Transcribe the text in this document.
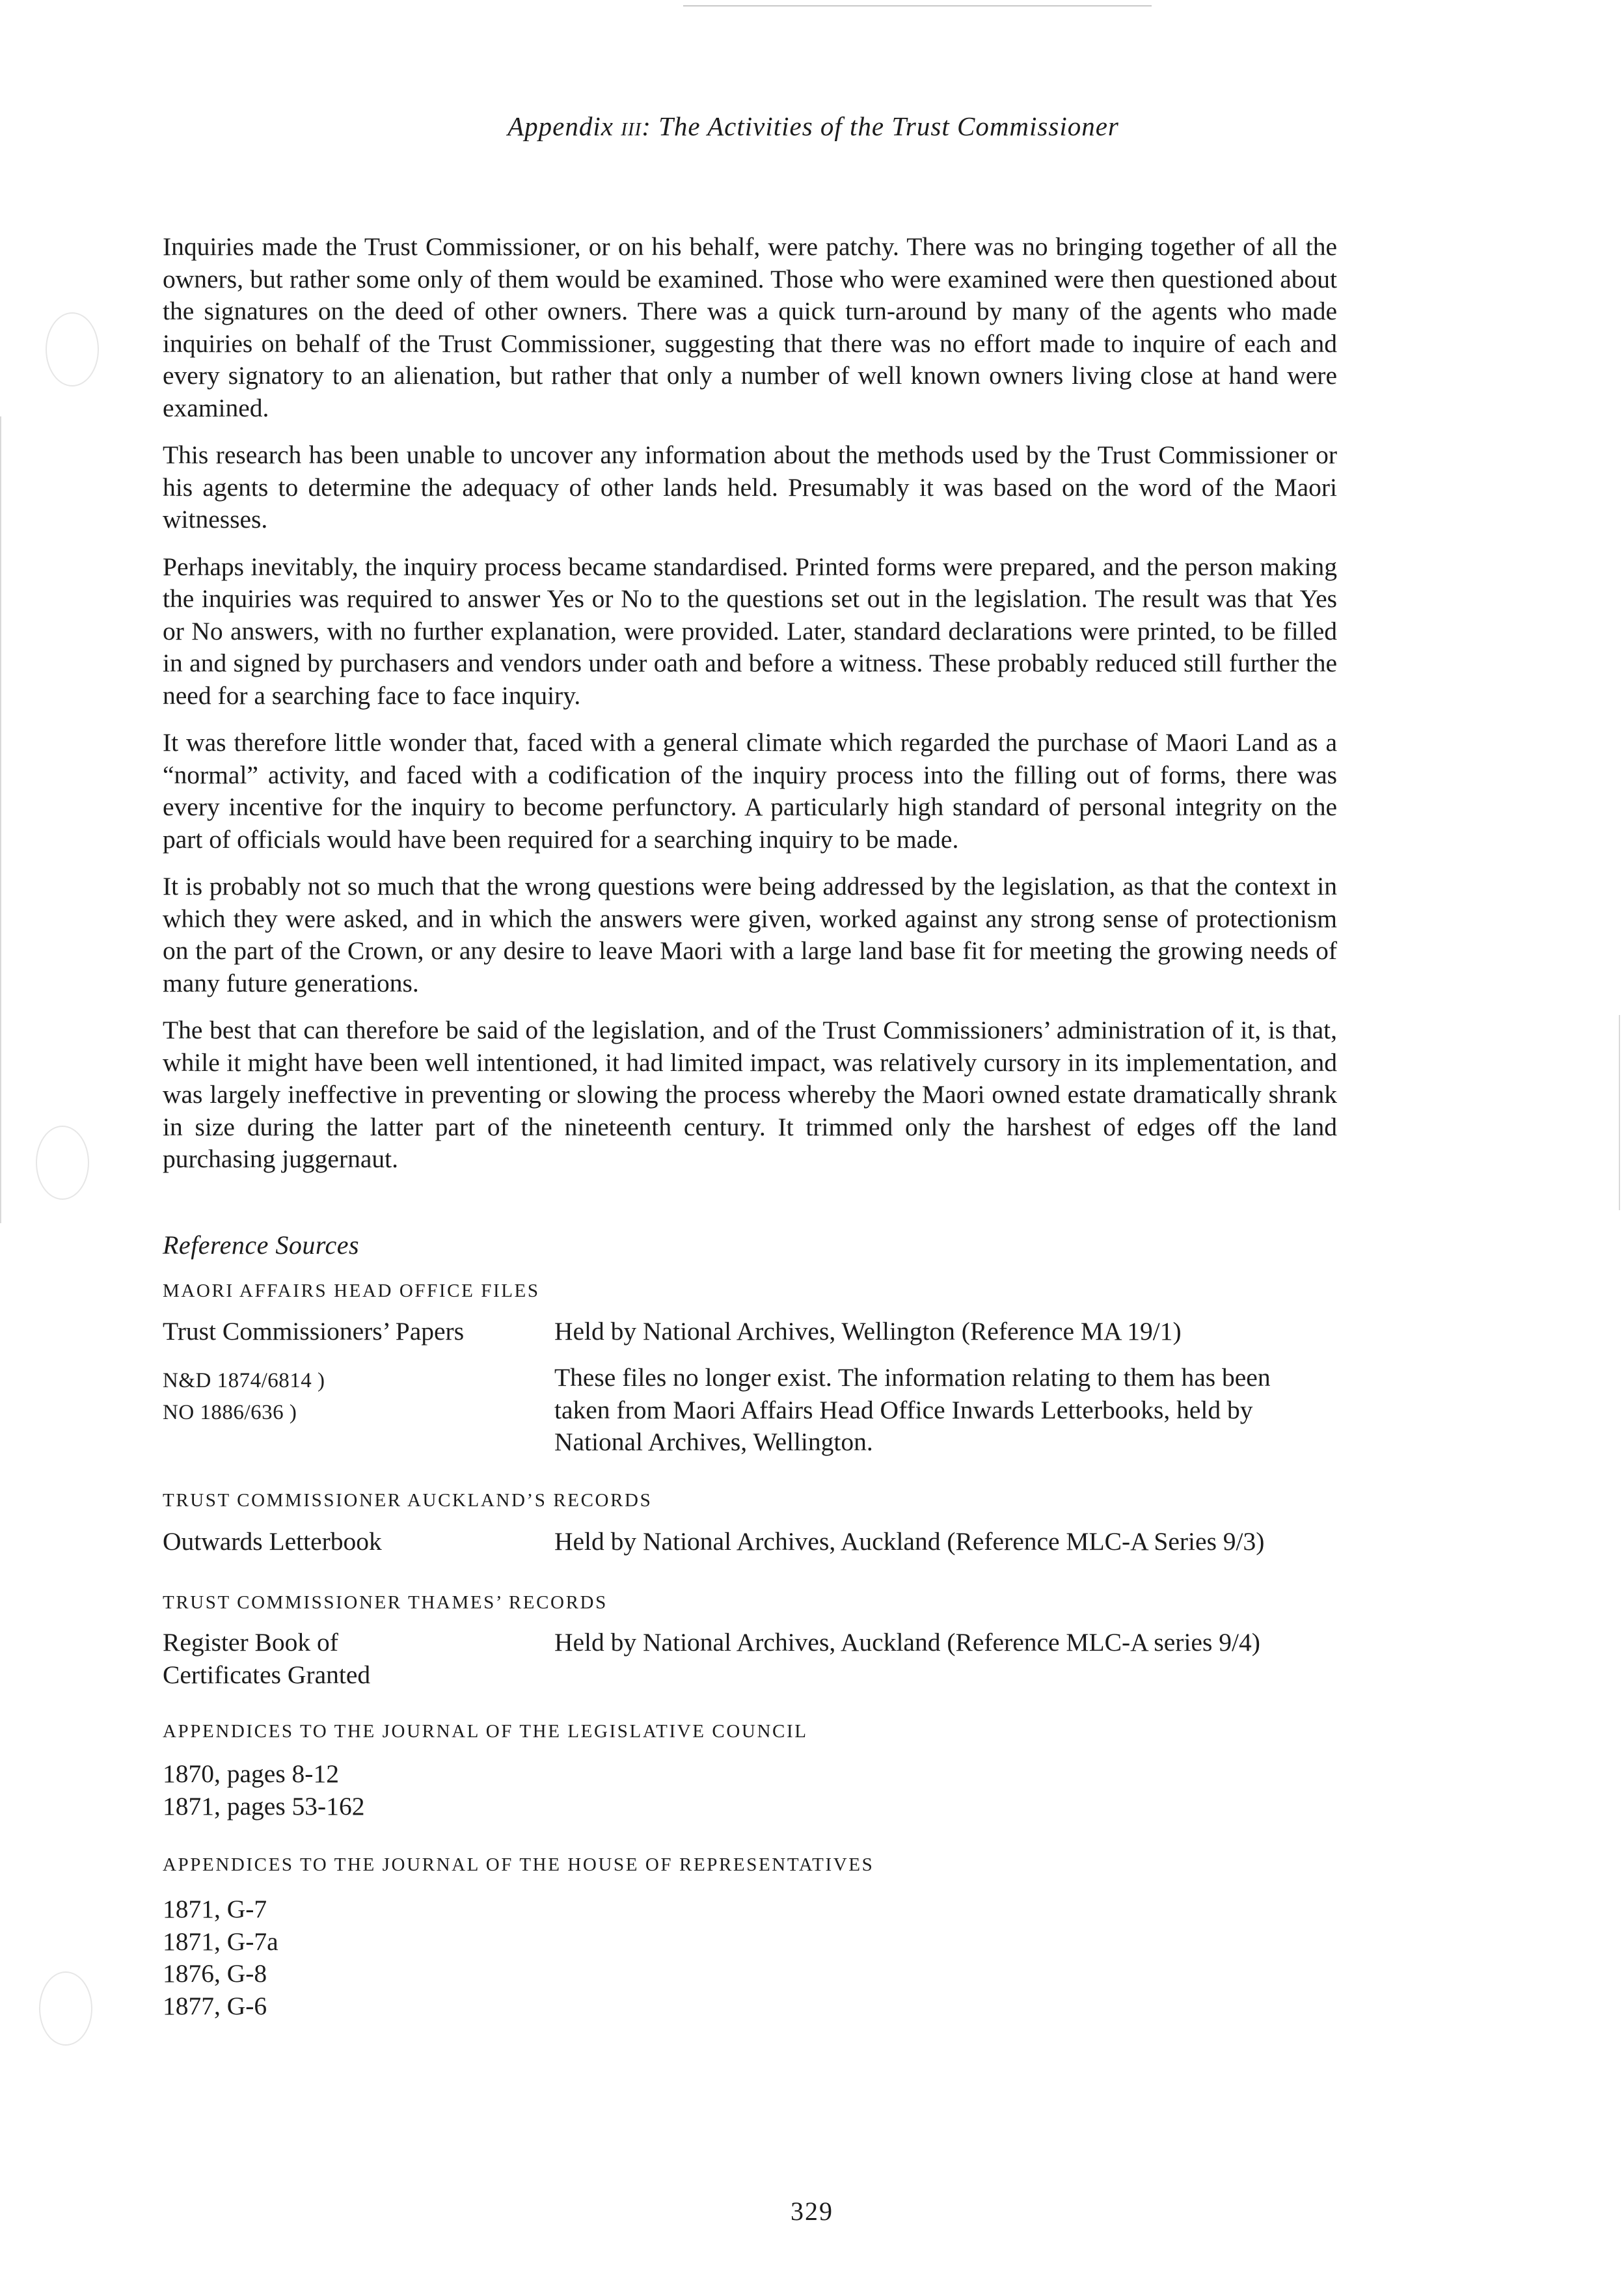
Appendix iii: The Activities of the Trust Commissioner

Inquiries made the Trust Commissioner, or on his behalf, were patchy. There was no bringing together of all the owners, but rather some only of them would be examined. Those who were examined were then questioned about the signatures on the deed of other owners. There was a quick turn-around by many of the agents who made inquiries on behalf of the Trust Commissioner, suggesting that there was no effort made to inquire of each and every signatory to an alienation, but rather that only a number of well known owners living close at hand were examined.

This research has been unable to uncover any information about the methods used by the Trust Commissioner or his agents to determine the adequacy of other lands held. Presumably it was based on the word of the Maori witnesses.

Perhaps inevitably, the inquiry process became standardised. Printed forms were prepared, and the person making the inquiries was required to answer Yes or No to the questions set out in the legislation. The result was that Yes or No answers, with no further explanation, were provided. Later, standard declarations were printed, to be filled in and signed by purchasers and vendors under oath and before a witness. These probably reduced still further the need for a searching face to face inquiry.

It was therefore little wonder that, faced with a general climate which regarded the purchase of Maori Land as a “normal” activity, and faced with a codification of the inquiry process into the filling out of forms, there was every incentive for the inquiry to become perfunctory. A particularly high standard of personal integrity on the part of officials would have been required for a searching inquiry to be made.

It is probably not so much that the wrong questions were being addressed by the legislation, as that the context in which they were asked, and in which the answers were given, worked against any strong sense of protectionism on the part of the Crown, or any desire to leave Maori with a large land base fit for meeting the growing needs of many future generations.

The best that can therefore be said of the legislation, and of the Trust Commissioners’ administration of it, is that, while it might have been well intentioned, it had limited impact, was relatively cursory in its implementation, and was largely ineffective in preventing or slowing the process whereby the Maori owned estate dramatically shrank in size during the latter part of the nineteenth century. It trimmed only the harshest of edges off the land purchasing juggernaut.

Reference Sources
MAORI AFFAIRS HEAD OFFICE FILES
Trust Commissioners’ Papers	Held by National Archives, Wellington (Reference MA 19/1)
N&D 1874/6814 )
NO 1886/636 )
These files no longer exist. The information relating to them has been
taken from Maori Affairs Head Office Inwards Letterbooks, held by
National Archives, Wellington.
TRUST COMMISSIONER AUCKLAND’S RECORDS
Outwards Letterbook	Held by National Archives, Auckland (Reference MLC-A Series 9/3)
TRUST COMMISSIONER THAMES’ RECORDS
Register Book of
Certificates Granted
Held by National Archives, Auckland (Reference MLC-A series 9/4)
APPENDICES TO THE JOURNAL OF THE LEGISLATIVE COUNCIL
1870, pages 8-12
1871, pages 53-162
APPENDICES TO THE JOURNAL OF THE HOUSE OF REPRESENTATIVES
1871, G-7
1871, G-7a
1876, G-8
1877, G-6
329
